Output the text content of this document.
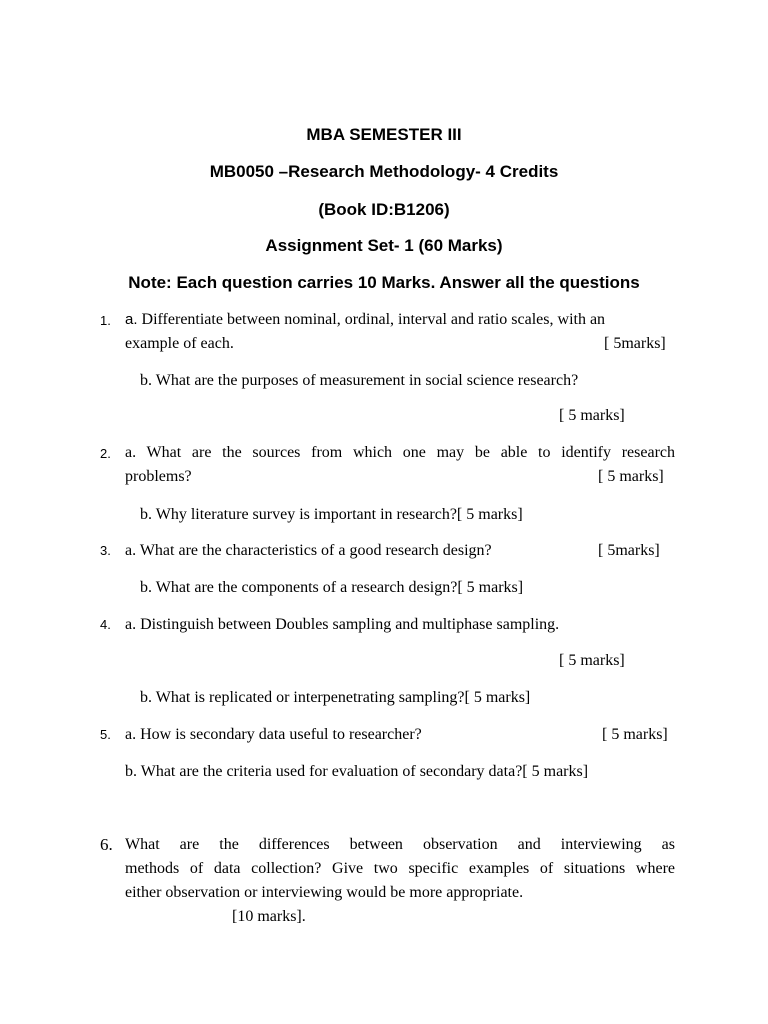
MBA SEMESTER III
MB0050 –Research Methodology- 4 Credits
(Book ID:B1206)
Assignment Set- 1 (60 Marks)
Note: Each question carries 10 Marks. Answer all the questions
1. a. Differentiate between nominal, ordinal, interval and ratio scales, with an
example of each.	[ 5marks]
b. What are the purposes of measurement in social science research?
[ 5 marks]
2. a. What are the sources from which one may be able to identify research
problems?	[ 5 marks]
b. Why literature survey is important in research?[ 5 marks]
3. a. What are the characteristics of a good research design?	[ 5marks]
b. What are the components of a research design?[ 5 marks]
4. a. Distinguish between Doubles sampling and multiphase sampling.
[ 5 marks]
b. What is replicated or interpenetrating sampling?[ 5 marks]
5. a. How is secondary data useful to researcher?	[ 5 marks]
b. What are the criteria used for evaluation of secondary data?[ 5 marks]
6. What are the differences between observation and interviewing as
methods of data collection? Give two specific examples of situations where
either observation or interviewing would be more appropriate.
[10 marks].
